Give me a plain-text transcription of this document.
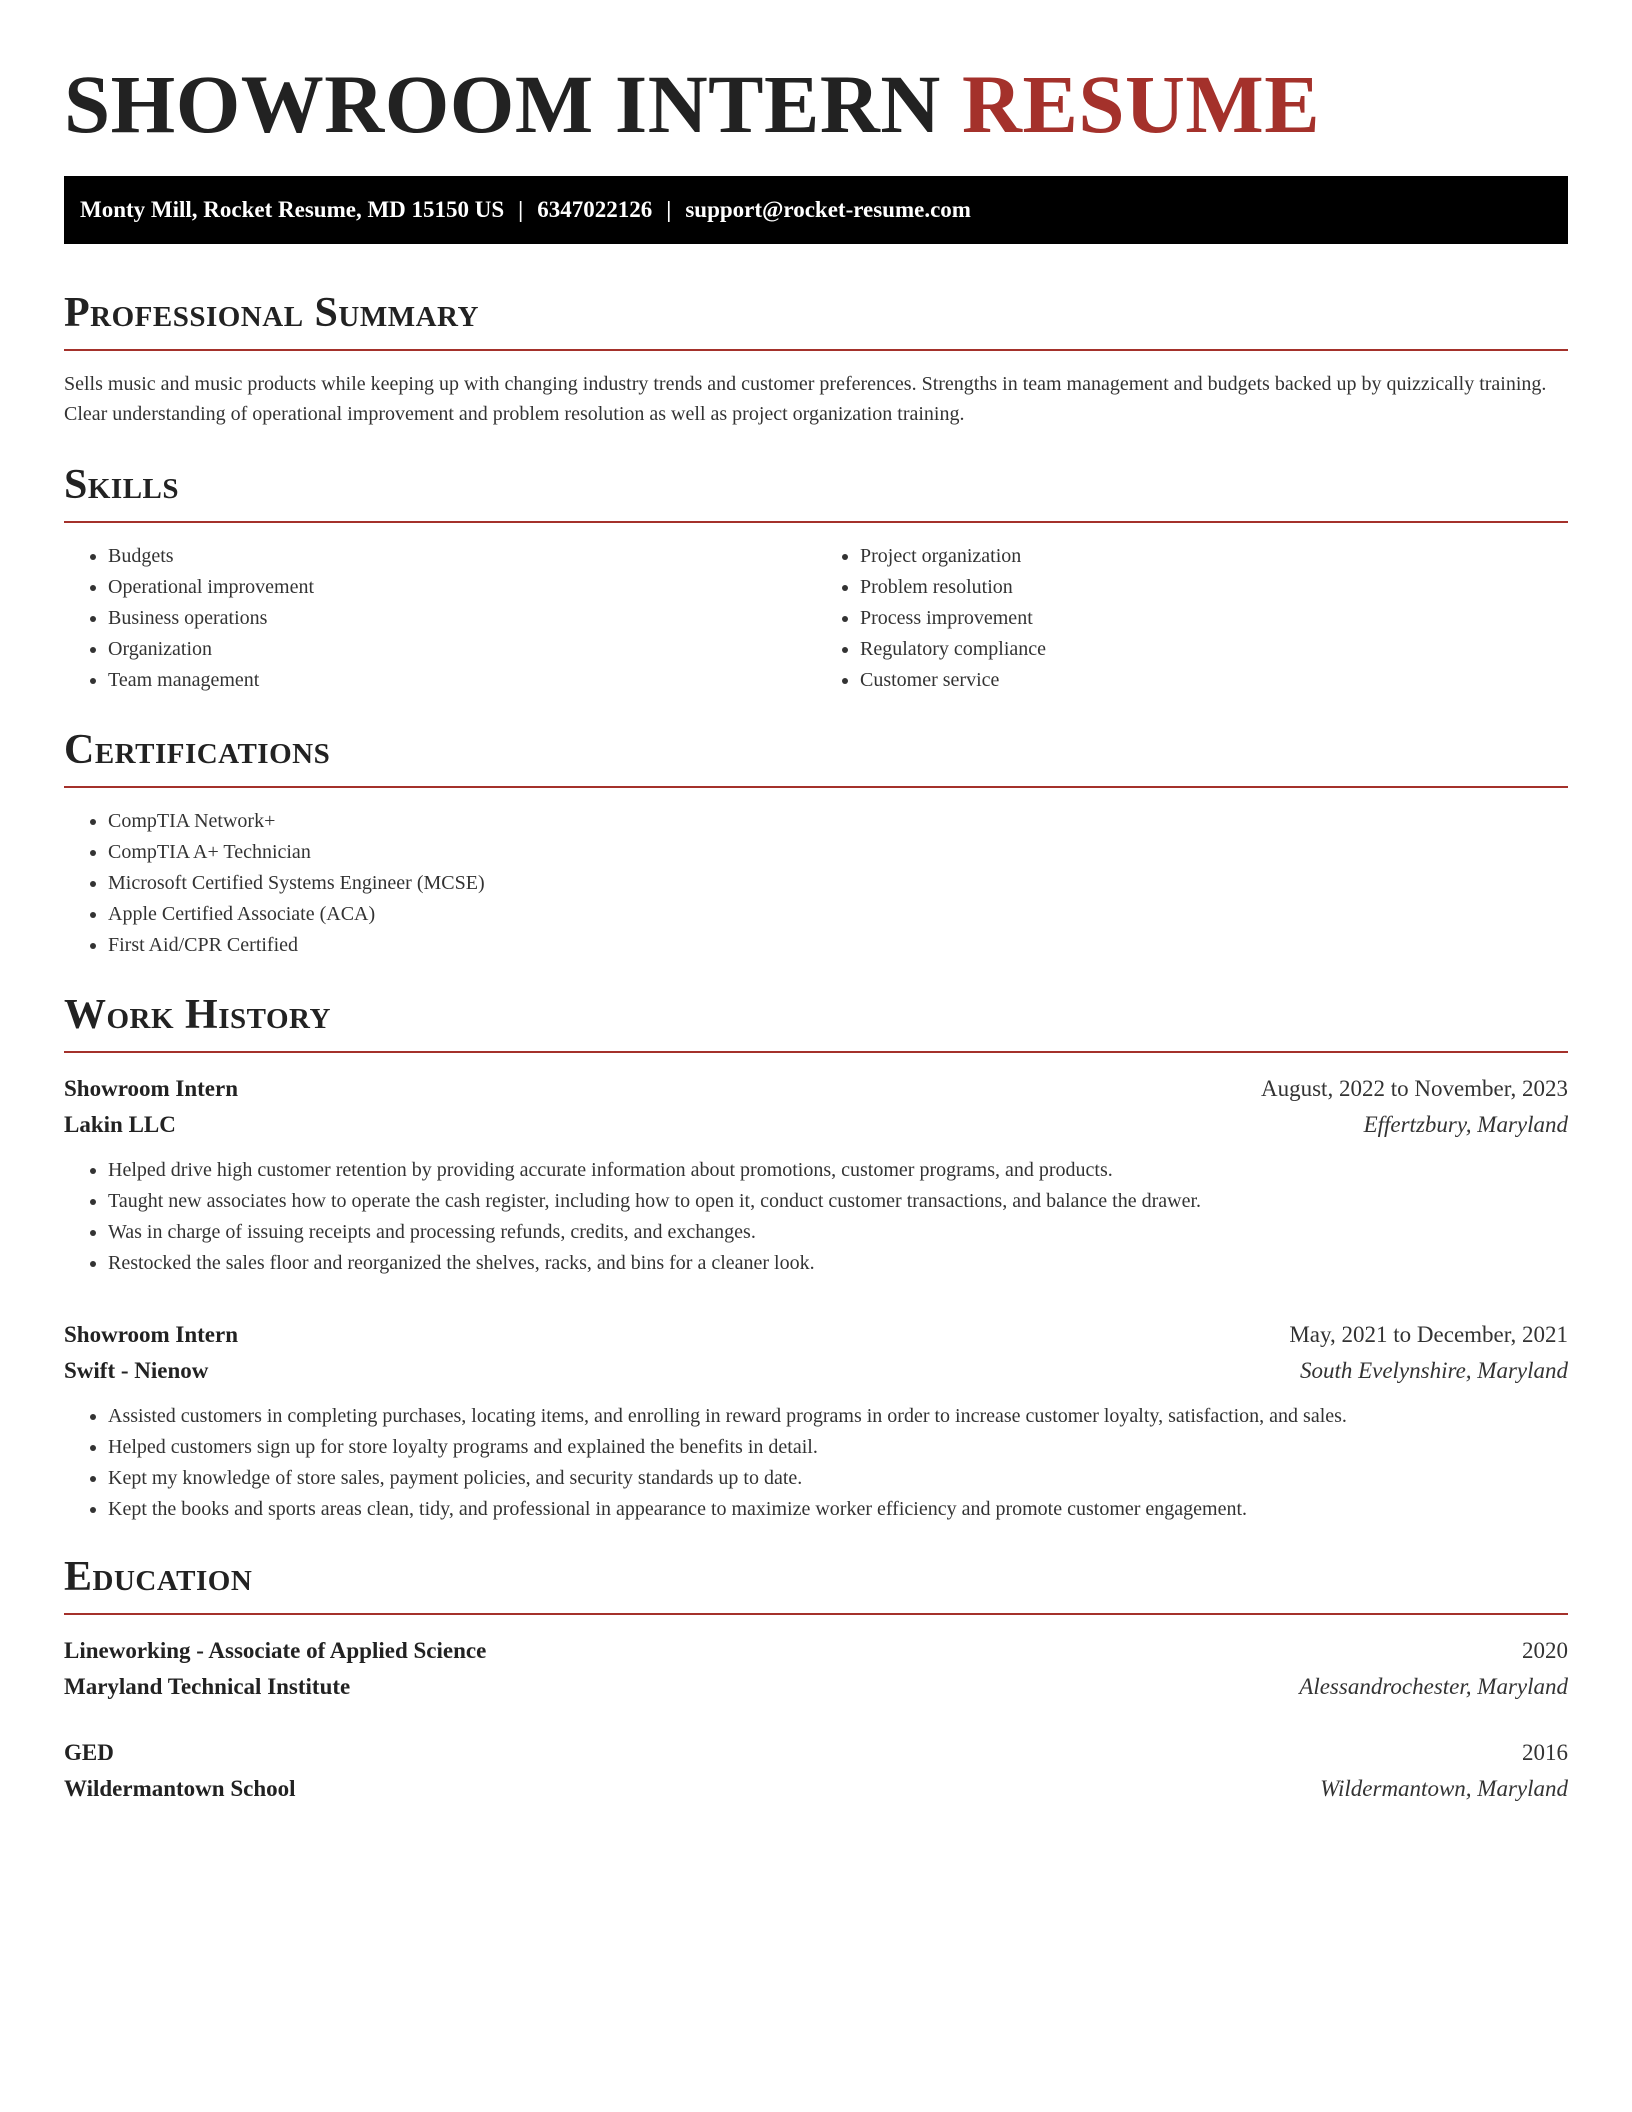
SHOWROOM INTERN RESUME
Monty Mill, Rocket Resume, MD 15150 US | 6347022126 | support@rocket-resume.com
Professional Summary

Sells music and music products while keeping up with changing industry trends and customer preferences. Strengths in team management and budgets backed up by quizzically training. Clear understanding of operational improvement and problem resolution as well as project organization training.

Skills
• Budgets
• Operational improvement
• Business operations
• Organization
• Team management
• Project organization
• Problem resolution
• Process improvement
• Regulatory compliance
• Customer service
Certifications
• CompTIA Network+
• CompTIA A+ Technician
• Microsoft Certified Systems Engineer (MCSE)
• Apple Certified Associate (ACA)
• First Aid/CPR Certified
Work History
Showroom Intern	August, 2022 to November, 2023
Lakin LLC	Effertzbury, Maryland
• Helped drive high customer retention by providing accurate information about promotions, customer programs, and products.
• Taught new associates how to operate the cash register, including how to open it, conduct customer transactions, and balance the drawer.
• Was in charge of issuing receipts and processing refunds, credits, and exchanges.
• Restocked the sales floor and reorganized the shelves, racks, and bins for a cleaner look.
Showroom Intern	May, 2021 to December, 2021
Swift - Nienow	South Evelynshire, Maryland
• Assisted customers in completing purchases, locating items, and enrolling in reward programs in order to increase customer loyalty, satisfaction, and sales.
• Helped customers sign up for store loyalty programs and explained the benefits in detail.
• Kept my knowledge of store sales, payment policies, and security standards up to date.
• Kept the books and sports areas clean, tidy, and professional in appearance to maximize worker efficiency and promote customer engagement.
Education
Lineworking - Associate of Applied Science	2020
Maryland Technical Institute	Alessandrochester, Maryland
GED	2016
Wildermantown School	Wildermantown, Maryland
